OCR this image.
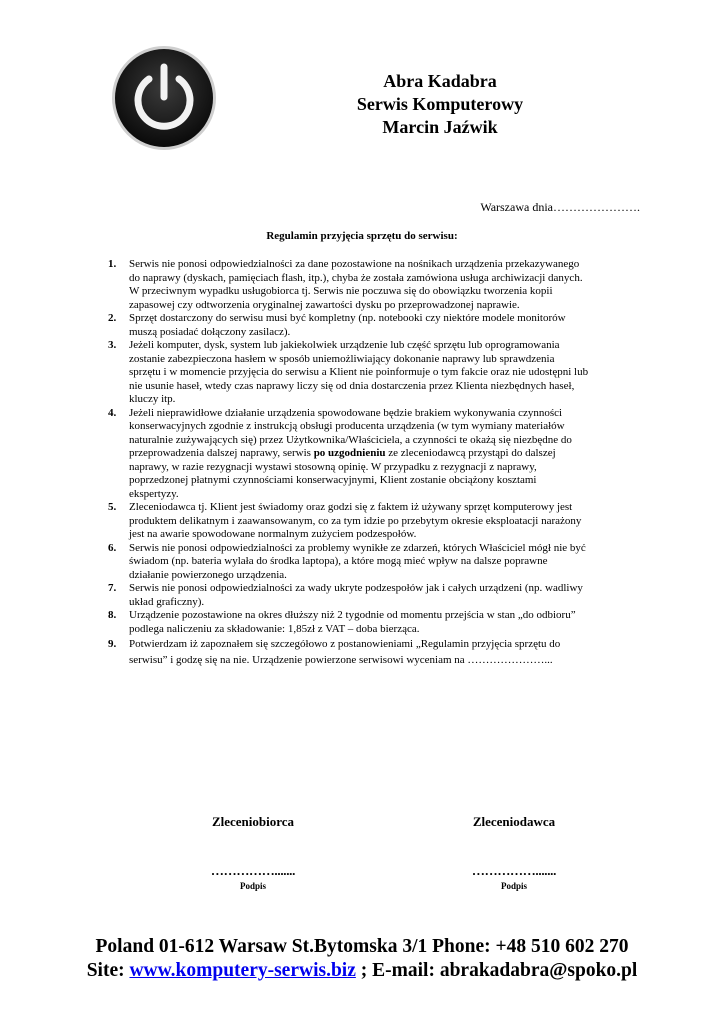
Abra Kadabra
Serwis Komputerowy
Marcin Jaźwik
Warszawa dnia………………….
Regulamin przyjęcia sprzętu do serwisu:
1. Serwis nie ponosi odpowiedzialności za dane pozostawione na nośnikach urządzenia przekazywanego
do naprawy (dyskach, pamięciach flash, itp.), chyba że została zamówiona usługa archiwizacji danych.
W przeciwnym wypadku usługobiorca tj. Serwis nie poczuwa się do obowiązku tworzenia kopii
zapasowej czy odtworzenia oryginalnej zawartości dysku po przeprowadzonej naprawie.
2. Sprzęt dostarczony do serwisu musi być kompletny (np. notebooki czy niektóre modele monitorów
muszą posiadać dołączony zasilacz).
3. Jeżeli komputer, dysk, system lub jakiekolwiek urządzenie lub część sprzętu lub oprogramowania
zostanie zabezpieczona hasłem w sposób uniemożliwiający dokonanie naprawy lub sprawdzenia
sprzętu i w momencie przyjęcia do serwisu a Klient nie poinformuje o tym fakcie oraz nie udostępni lub
nie usunie haseł, wtedy czas naprawy liczy się od dnia dostarczenia przez Klienta niezbędnych haseł,
kluczy itp.
4. Jeżeli nieprawidłowe działanie urządzenia spowodowane będzie brakiem wykonywania czynności
konserwacyjnych zgodnie z instrukcją obsługi producenta urządzenia (w tym wymiany materiałów
naturalnie zużywających się) przez Użytkownika/Właściciela, a czynności te okażą się niezbędne do
przeprowadzenia dalszej naprawy, serwis po uzgodnieniu ze zleceniodawcą przystąpi do dalszej
naprawy, w razie rezygnacji wystawi stosowną opinię. W przypadku z rezygnacji z naprawy,
poprzedzonej płatnymi czynnościami konserwacyjnymi, Klient zostanie obciążony kosztami
ekspertyzy.
5. Zleceniodawca tj. Klient jest świadomy oraz godzi się z faktem iż używany sprzęt komputerowy jest
produktem delikatnym i zaawansowanym, co za tym idzie po przebytym okresie eksploatacji narażony
jest na awarie spowodowane normalnym zużyciem podzespołów.
6. Serwis nie ponosi odpowiedzialności za problemy wynikłe ze zdarzeń, których Właściciel mógł nie być
świadom (np. bateria wylała do środka laptopa), a które mogą mieć wpływ na dalsze poprawne
działanie powierzonego urządzenia.
7. Serwis nie ponosi odpowiedzialności za wady ukryte podzespołów jak i całych urządzeni (np. wadliwy
układ graficzny).
8. Urządzenie pozostawione na okres dłuższy niż 2 tygodnie od momentu przejścia w stan „do odbioru”
podlega naliczeniu za składowanie: 1,85zł z VAT – doba bierząca.
9. Potwierdzam iż zapoznałem się szczegółowo z postanowieniami „Regulamin przyjęcia sprzętu do
serwisu” i godzę się na nie. Urządzenie powierzone serwisowi wyceniam na …………………...
Zleceniobiorca
…………….......
Podpis
Zleceniodawca
…………….......
Podpis
Poland 01-612 Warsaw St.Bytomska 3/1 Phone: +48 510 602 270
Site: www.komputery-serwis.biz ; E-mail: abrakadabra@spoko.pl
